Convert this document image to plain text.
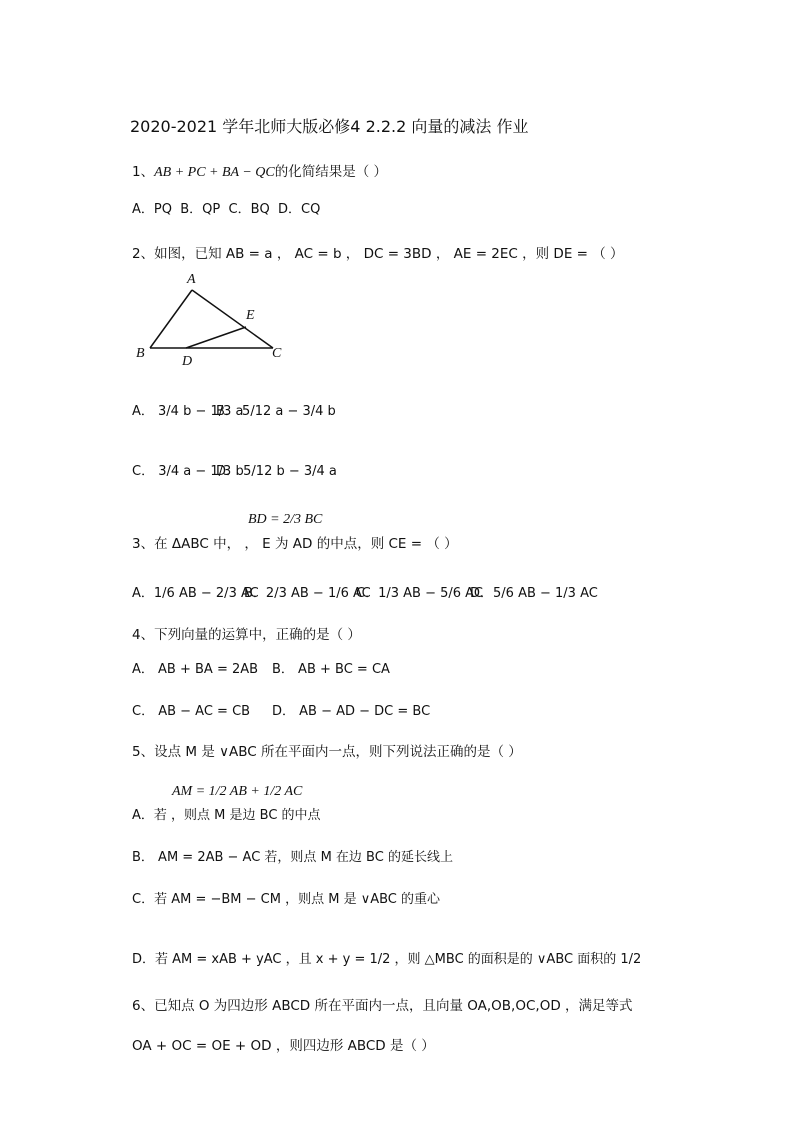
2020-2021 学年北师大版必修4 2.2.2 向量的减法 作业
1、AB + PC + BA − QC的化简结果是（ ）
A．PQ B．QP C．BQ D．CQ
2、如图，已知 AB = a ， AC = b ， DC = 3BD ， AE = 2EC ，则 DE = （ ）
A
E
B
D
C
A． 3/4 b − 1/3 a
B． 5/12 a − 3/4 b
C． 3/4 a − 1/3 b
D． 5/12 b − 3/4 a
BD = 2/3 BC
3、在 ΔABC 中， ， E 为 AD 的中点，则 CE = （ ）
A．1/6 AB − 2/3 AC
B．2/3 AB − 1/6 AC
C．1/3 AB − 5/6 AC
D．5/6 AB − 1/3 AC
4、下列向量的运算中，正确的是（ ）
A． AB + BA = 2AB B． AB + BC = CA
C． AB − AC = CB D． AB − AD − DC = BC
5、设点 M 是 ∨ABC 所在平面内一点，则下列说法正确的是（ ）
AM = 1/2 AB + 1/2 AC
A．若 ，则点 M 是边 BC 的中点
B． AM = 2AB − AC 若，则点 M 在边 BC 的延长线上
C．若 AM = −BM − CM ，则点 M 是 ∨ABC 的重心
D．若 AM = xAB + yAC ，且 x + y = 1/2 ，则 △MBC 的面积是的 ∨ABC 面积的 1/2
6、已知点 O 为四边形 ABCD 所在平面内一点，且向量 OA,OB,OC,OD ，满足等式
OA + OC = OE + OD ，则四边形 ABCD 是（ ）
